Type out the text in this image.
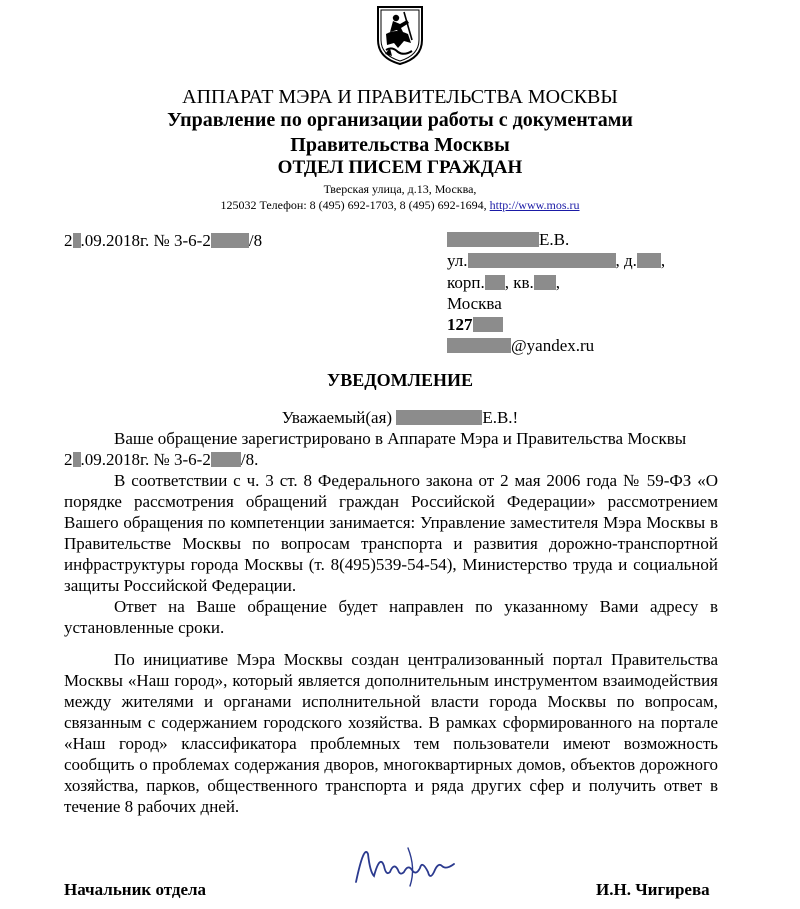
АППАРАТ МЭРА И ПРАВИТЕЛЬСТВА МОСКВЫ
Управление по организации работы с документами
Правительства Москвы
ОТДЕЛ ПИСЕМ ГРАЖДАН
Тверская улица, д.13, Москва,
125032 Телефон: 8 (495) 692-1703, 8 (495) 692-1694, http://www.mos.ru
2 .09.2018г. № 3-6-2 /8	Е.В.
ул.	, д. ,
корп. , кв. ,
Москва
127
@yandex.ru
УВЕДОМЛЕНИЕ
Уважаемый(ая)	Е.В.!
Ваше обращение зарегистрировано в Аппарате Мэра и Правительства Москвы
2 .09.2018г. № 3-6-2 /8.
В соответствии с ч. 3 ст. 8 Федерального закона от 2 мая 2006 года № 59-ФЗ «О порядке рассмотрения обращений граждан Российской Федерации» рассмотрением Вашего обращения по компетенции занимается: Управление заместителя Мэра Москвы в Правительстве Москвы по вопросам транспорта и развития дорожно-транспортной инфраструктуры города Москвы (т. 8(495)539-54-54), Министерство труда и социальной защиты Российской Федерации.
Ответ на Ваше обращение будет направлен по указанному Вами адресу в установленные сроки.
По инициативе Мэра Москвы создан централизованный портал Правительства Москвы «Наш город», который является дополнительным инструментом взаимодействия между жителями и органами исполнительной власти города Москвы по вопросам, связанным с содержанием городского хозяйства. В рамках сформированного на портале «Наш город» классификатора проблемных тем пользователи имеют возможность сообщить о проблемах содержания дворов, многоквартирных домов, объектов дорожного хозяйства, парков, общественного транспорта и ряда других сфер и получить ответ в течение 8 рабочих дней.
Начальник отдела	И.Н. Чигирева
